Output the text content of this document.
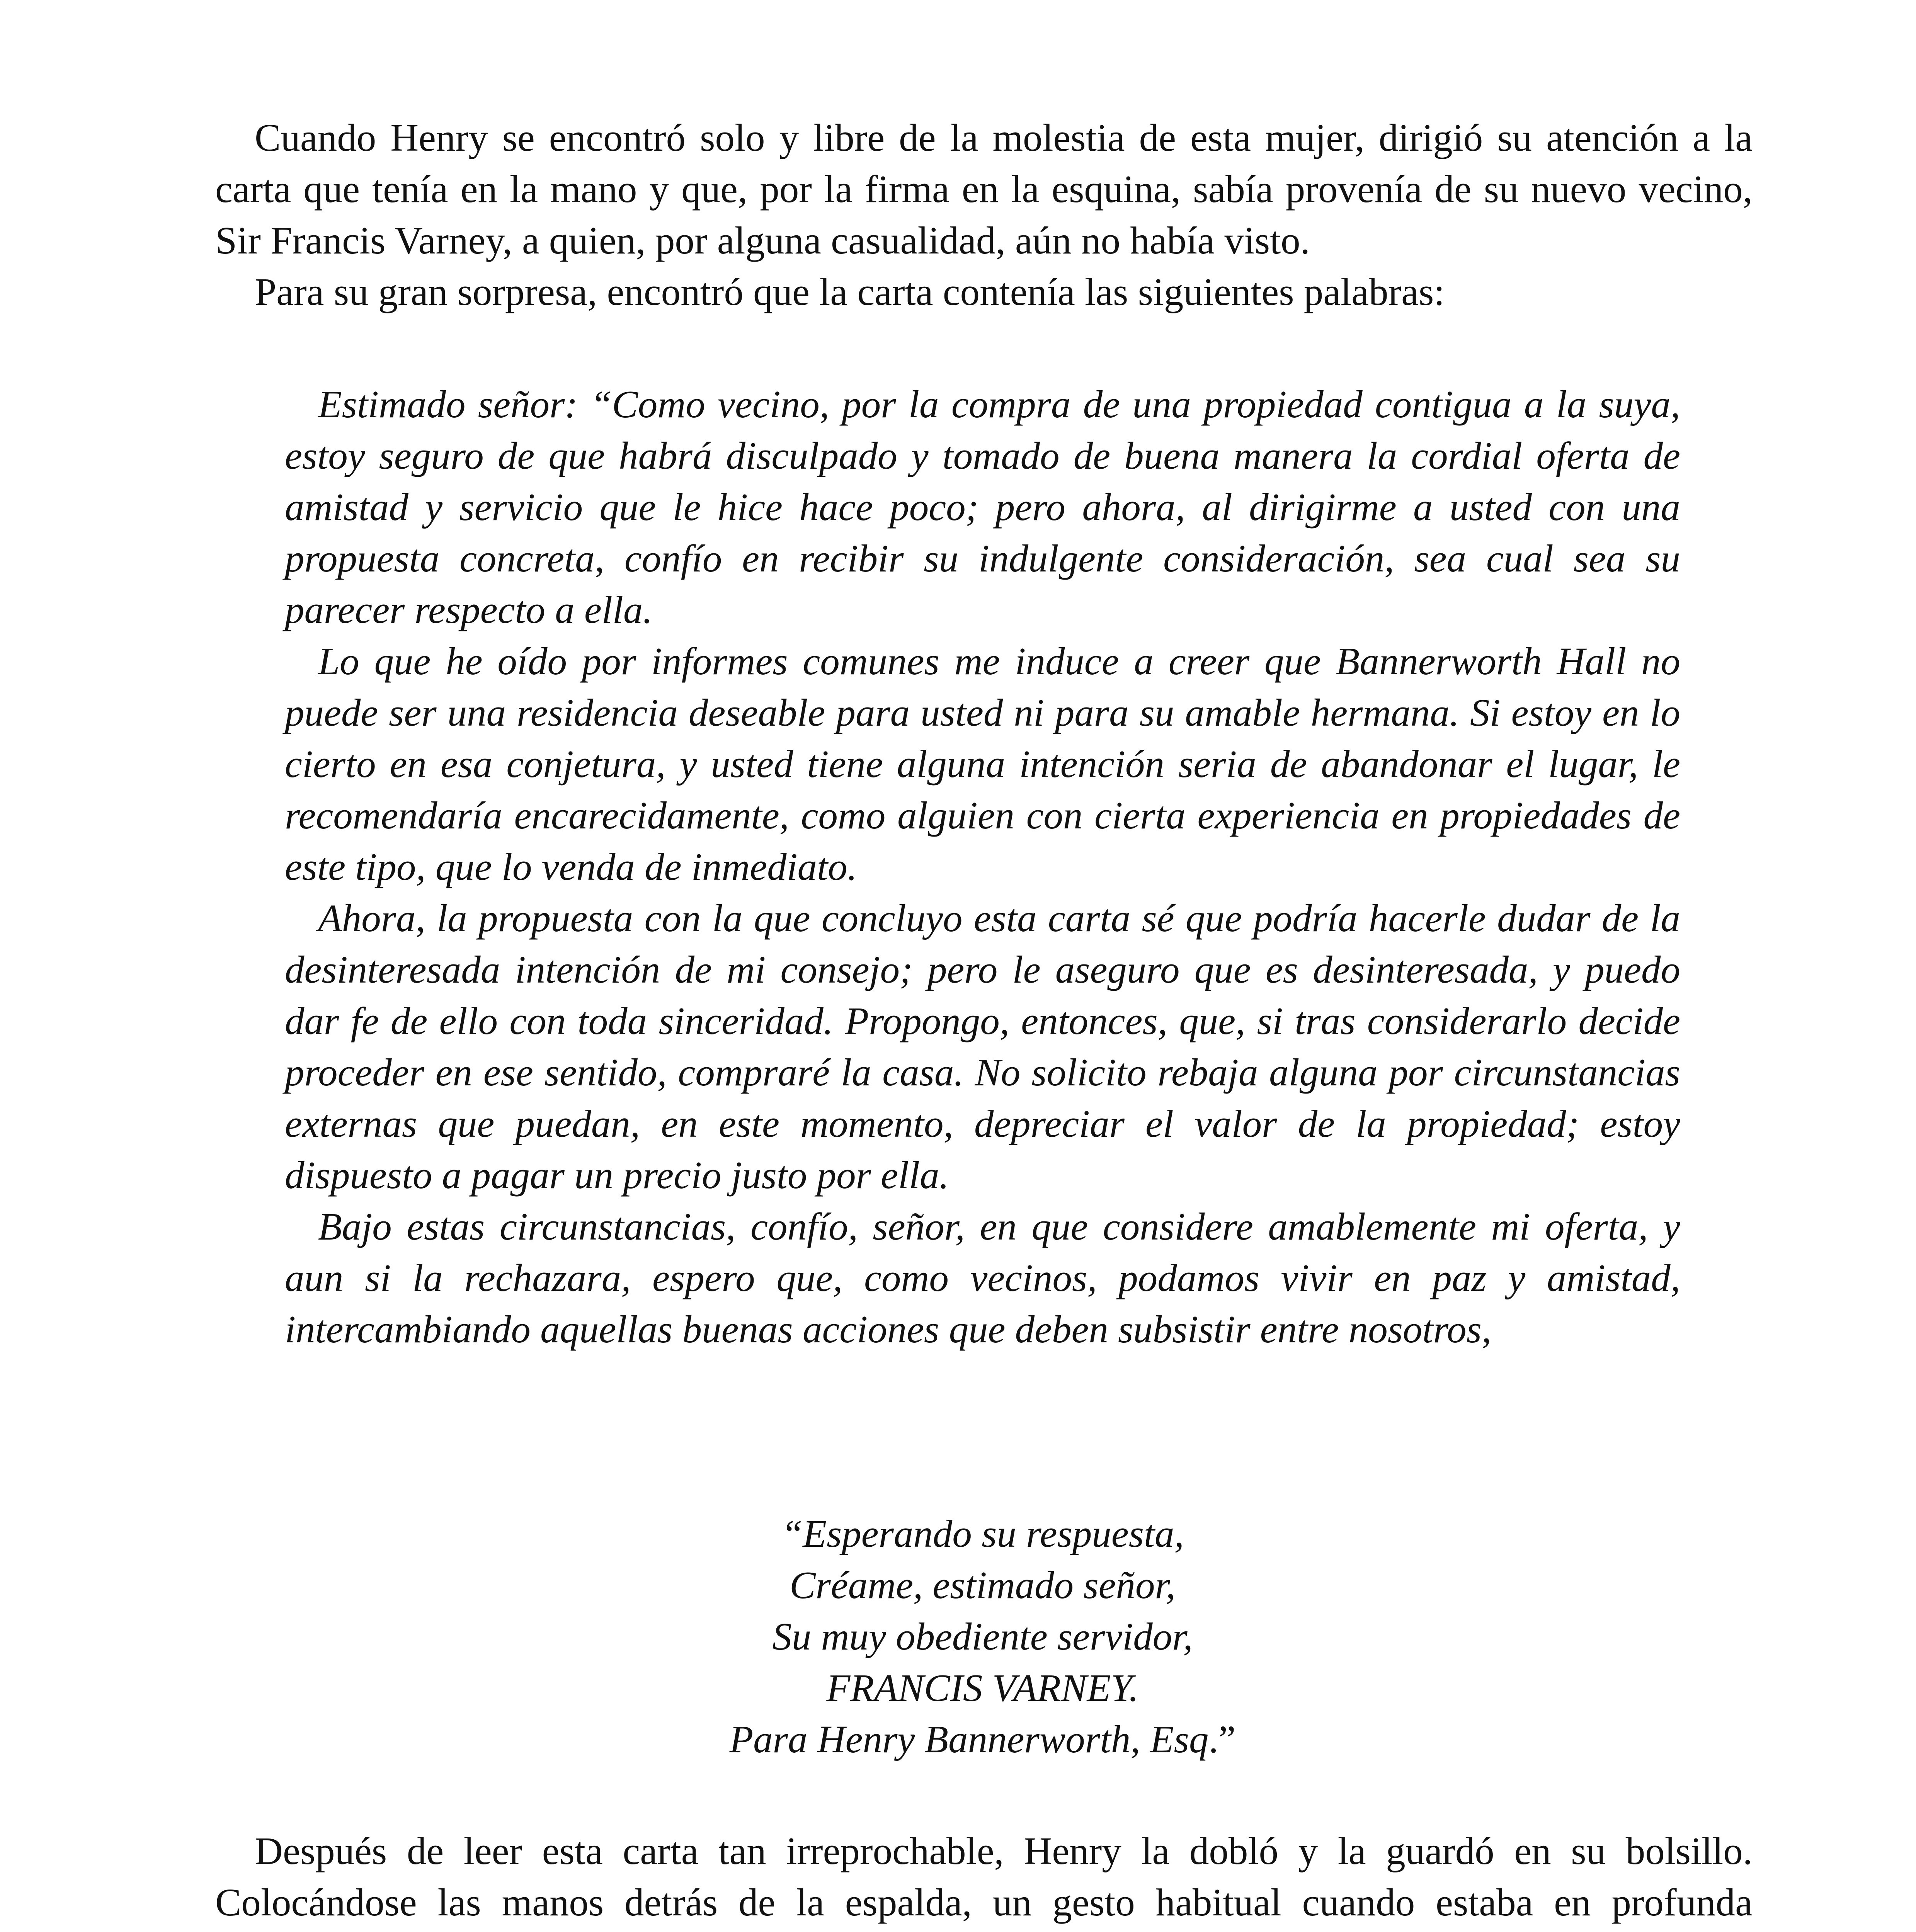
Cuando Henry se encontró solo y libre de la molestia de esta mujer, dirigió su atención a la carta que tenía en la mano y que, por la firma en la esquina, sabía provenía de su nuevo vecino, Sir Francis Varney, a quien, por alguna casualidad, aún no había visto.

Para su gran sorpresa, encontró que la carta contenía las siguientes palabras:

Estimado señor: “Como vecino, por la compra de una propiedad contigua a la suya, estoy seguro de que habrá disculpado y tomado de buena manera la cordial oferta de amistad y servicio que le hice hace poco; pero ahora, al dirigirme a usted con una propuesta concreta, confío en recibir su indulgente consideración, sea cual sea su parecer respecto a ella.

Lo que he oído por informes comunes me induce a creer que Bannerworth Hall no puede ser una residencia deseable para usted ni para su amable hermana. Si estoy en lo cierto en esa conjetura, y usted tiene alguna intención seria de abandonar el lugar, le recomendaría encarecidamente, como alguien con cierta experiencia en propiedades de este tipo, que lo venda de inmediato.

Ahora, la propuesta con la que concluyo esta carta sé que podría hacerle dudar de la desinteresada intención de mi consejo; pero le aseguro que es desinteresada, y puedo dar fe de ello con toda sinceridad. Propongo, entonces, que, si tras considerarlo decide proceder en ese sentido, compraré la casa. No solicito rebaja alguna por circunstancias externas que puedan, en este momento, depreciar el valor de la propiedad; estoy dispuesto a pagar un precio justo por ella.

Bajo estas circunstancias, confío, señor, en que considere amablemente mi oferta, y aun si la rechazara, espero que, como vecinos, podamos vivir en paz y amistad, intercambiando aquellas buenas acciones que deben subsistir entre nosotros,

“Esperando su respuesta,
Créame, estimado señor,
Su muy obediente servidor,
FRANCIS VARNEY.
Para Henry Bannerworth, Esq.”

Después de leer esta carta tan irreprochable, Henry la dobló y la guardó en su bolsillo. Colocándose las manos detrás de la espalda, un gesto habitual cuando estaba en profunda
